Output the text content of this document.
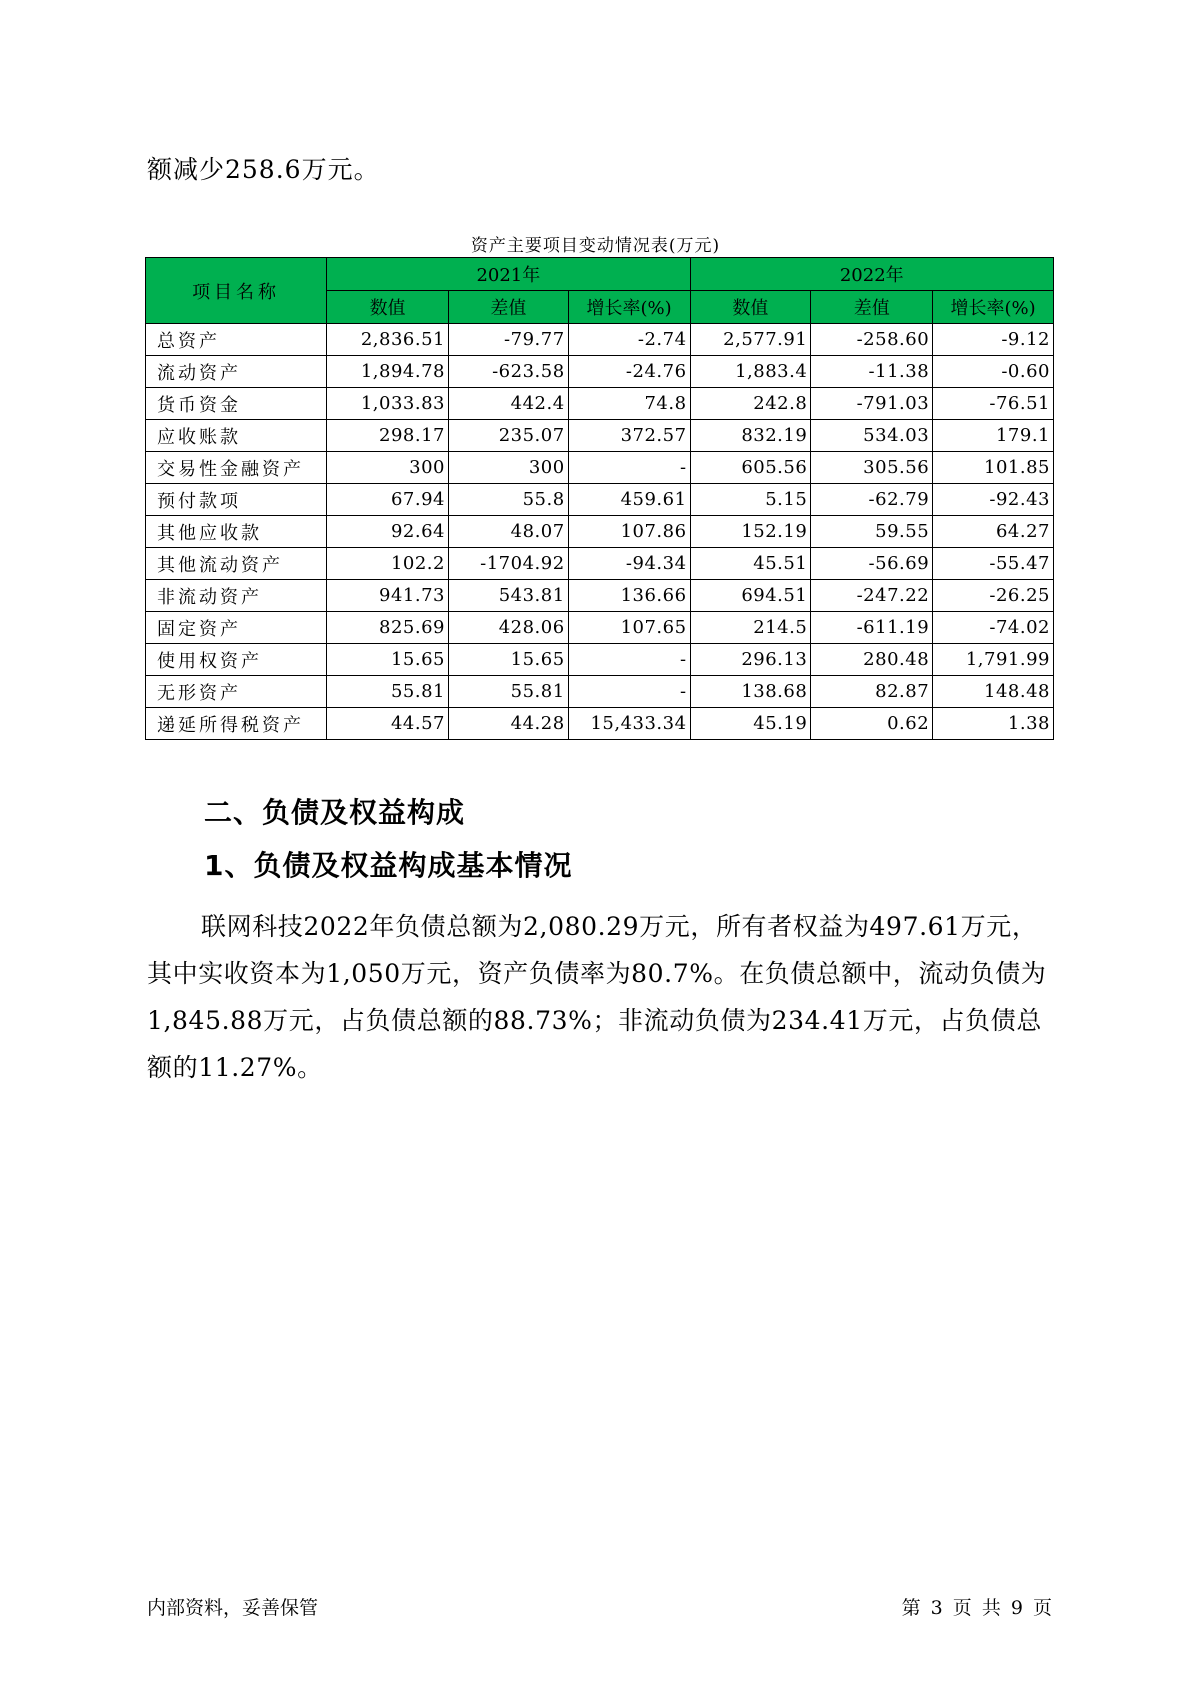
额减少258.6万元。
资产主要项目变动情况表(万元)
项目名称	2021年			2022年		
	数值	差值	增长率(%)	数值	差值	增长率(%)
总资产	2,836.51	-79.77	-2.74	2,577.91	-258.60	-9.12
流动资产	1,894.78	-623.58	-24.76	1,883.4	-11.38	-0.60
货币资金	1,033.83	442.4	74.8	242.8	-791.03	-76.51
应收账款	298.17	235.07	372.57	832.19	534.03	179.1
交易性金融资产	300	300	-	605.56	305.56	101.85
预付款项	67.94	55.8	459.61	5.15	-62.79	-92.43
其他应收款	92.64	48.07	107.86	152.19	59.55	64.27
其他流动资产	102.2	-1704.92	-94.34	45.51	-56.69	-55.47
非流动资产	941.73	543.81	136.66	694.51	-247.22	-26.25
固定资产	825.69	428.06	107.65	214.5	-611.19	-74.02
使用权资产	15.65	15.65	-	296.13	280.48	1,791.99
无形资产	55.81	55.81	-	138.68	82.87	148.48
递延所得税资产	44.57	44.28	15,433.34	45.19	0.62	1.38
二、负债及权益构成
1、负债及权益构成基本情况

联网科技2022年负债总额为2,080.29万元，所有者权益为497.61万元，其中实收资本为1,050万元，资产负债率为80.7%。在负债总额中，流动负债为1,845.88万元，占负债总额的88.73%；非流动负债为234.41万元，占负债总额的11.27%。

内部资料，妥善保管	第 3 页 共 9 页
